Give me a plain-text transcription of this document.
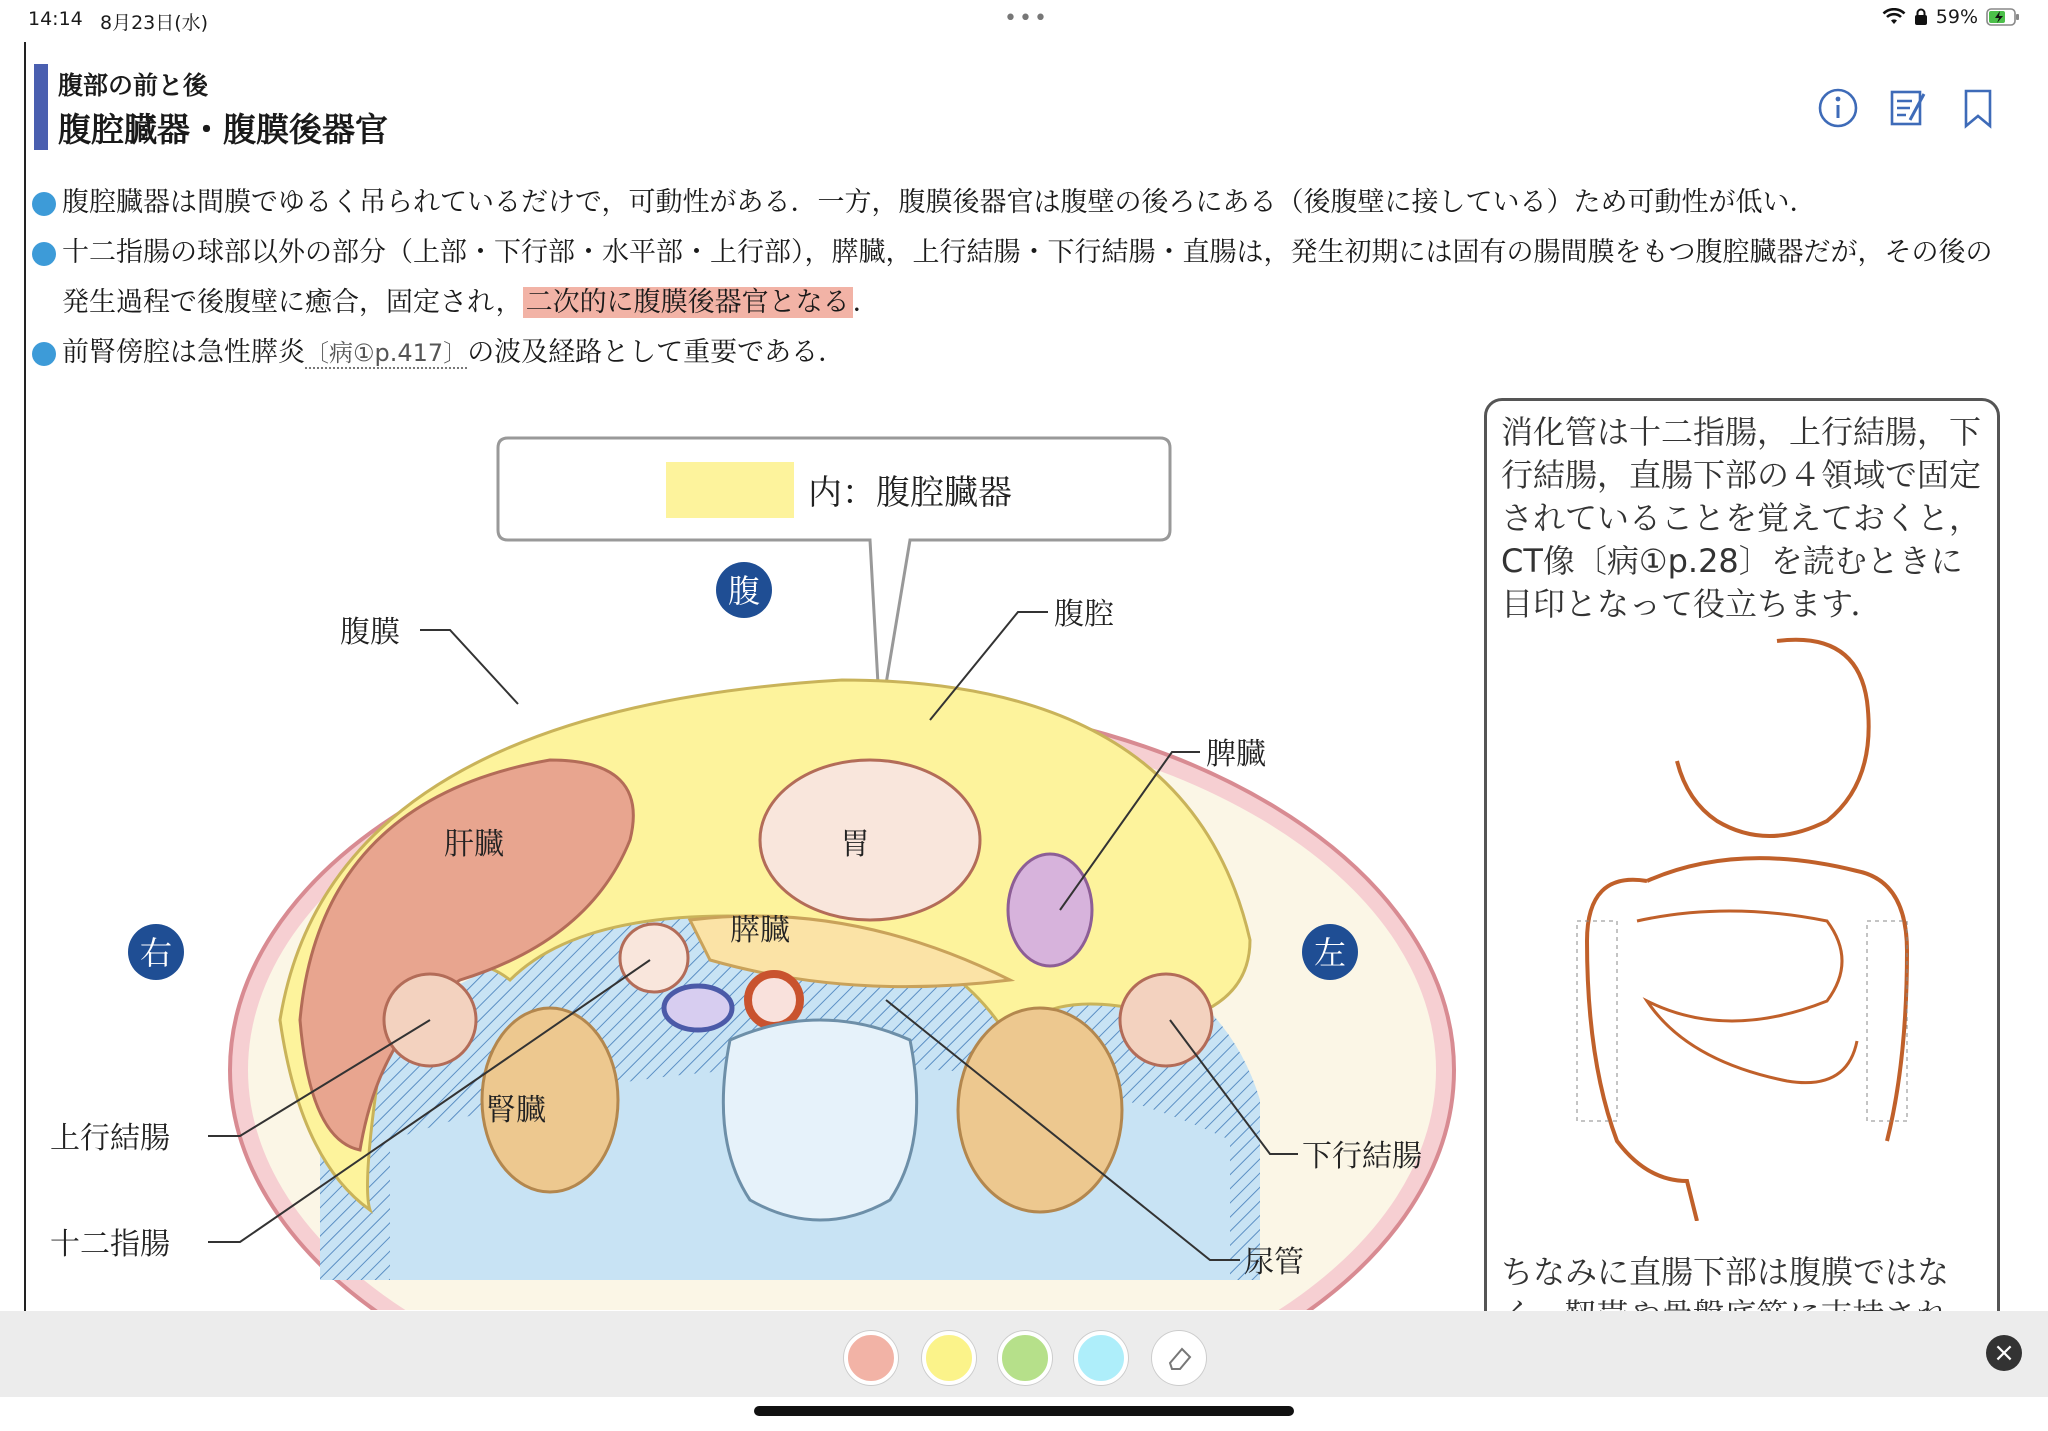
14:14 8月23日(水)	•••	59%
腹部の前と後
腹腔臓器・腹膜後器官
腹腔臓器は間膜でゆるく吊られているだけで，可動性がある．一方，腹膜後器官は腹壁の後ろにある（後腹壁に接している）ため可動性が低い．
十二指腸の球部以外の部分（上部・下行部・水平部・上行部），膵臓，上行結腸・下行結腸・直腸は，発生初期には固有の腸間膜をもつ腹腔臓器だが，その後の発生過程で後腹壁に癒合，固定され， 二次的に腹膜後器官となる ．
前腎傍腔は急性膵炎〔病①p.417〕の波及経路として重要である．
内：腹腔臓器
腹
右	左
腹膜
腹腔
脾臓
肝臓	胃
膵臓
腎臓
上行結腸
十二指腸
下行結腸
尿管
消化管は十二指腸，上行結腸，下行結腸，直腸下部の４領域で固定されていることを覚えておくと，CT像〔病①p.28〕を読むときに目印となって役立ちます．
ちなみに直腸下部は腹膜ではな
×
